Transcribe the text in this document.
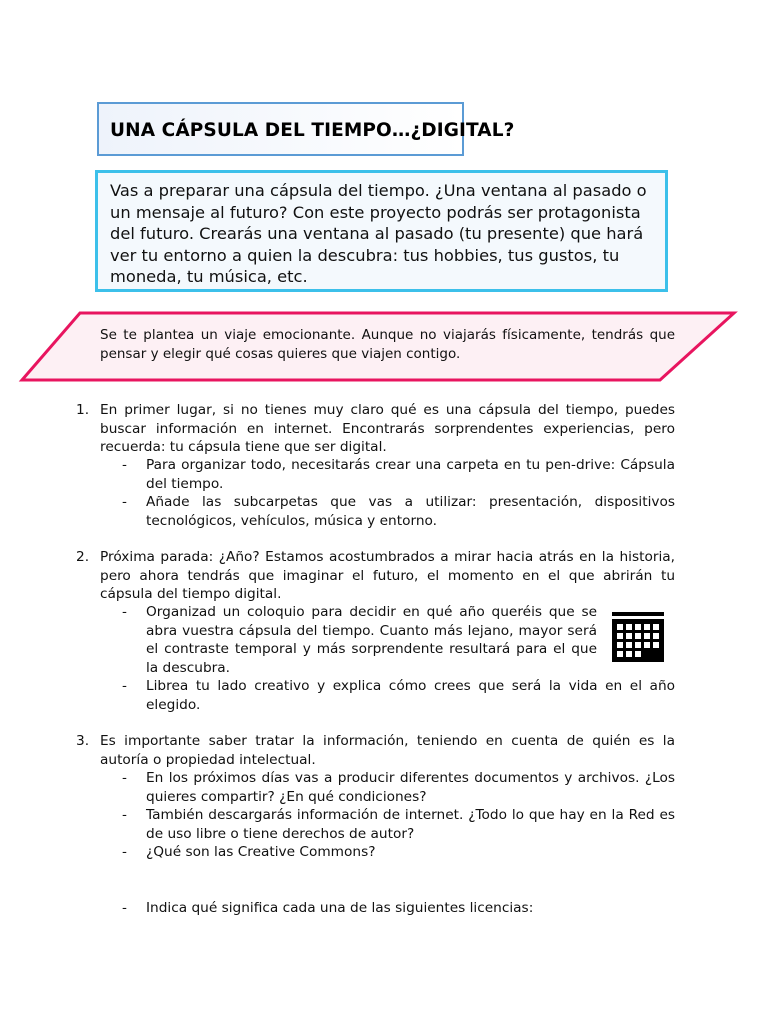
UNA CÁPSULA DEL TIEMPO…¿DIGITAL?
Vas a preparar una cápsula del tiempo. ¿Una ventana al pasado o un mensaje al futuro? Con este proyecto podrás ser protagonista del futuro. Crearás una ventana al pasado (tu presente) que hará ver tu entorno a quien la descubra: tus hobbies, tus gustos, tu moneda, tu música, etc.
Se te plantea un viaje emocionante. Aunque no viajarás físicamente, tendrás que pensar y elegir qué cosas quieres que viajen contigo.
1. En primer lugar, si no tienes muy claro qué es una cápsula del tiempo, puedes buscar información en internet. Encontrarás sorprendentes experiencias, pero recuerda: tu cápsula tiene que ser digital.
- Para organizar todo, necesitarás crear una carpeta en tu pen-drive: Cápsula del tiempo.
- Añade las subcarpetas que vas a utilizar: presentación, dispositivos tecnológicos, vehículos, música y entorno.
2. Próxima parada: ¿Año? Estamos acostumbrados a mirar hacia atrás en la historia, pero ahora tendrás que imaginar el futuro, el momento en el que abrirán tu cápsula del tiempo digital.
- Organizad un coloquio para decidir en qué año queréis que se abra vuestra cápsula del tiempo. Cuanto más lejano, mayor será el contraste temporal y más sorprendente resultará para el que la descubra.
- Librea tu lado creativo y explica cómo crees que será la vida en el año elegido.
3. Es importante saber tratar la información, teniendo en cuenta de quién es la autoría o propiedad intelectual.
- En los próximos días vas a producir diferentes documentos y archivos. ¿Los quieres compartir? ¿En qué condiciones?
- También descargarás información de internet. ¿Todo lo que hay en la Red es de uso libre o tiene derechos de autor?
- ¿Qué son las Creative Commons?
- Indica qué significa cada una de las siguientes licencias:
